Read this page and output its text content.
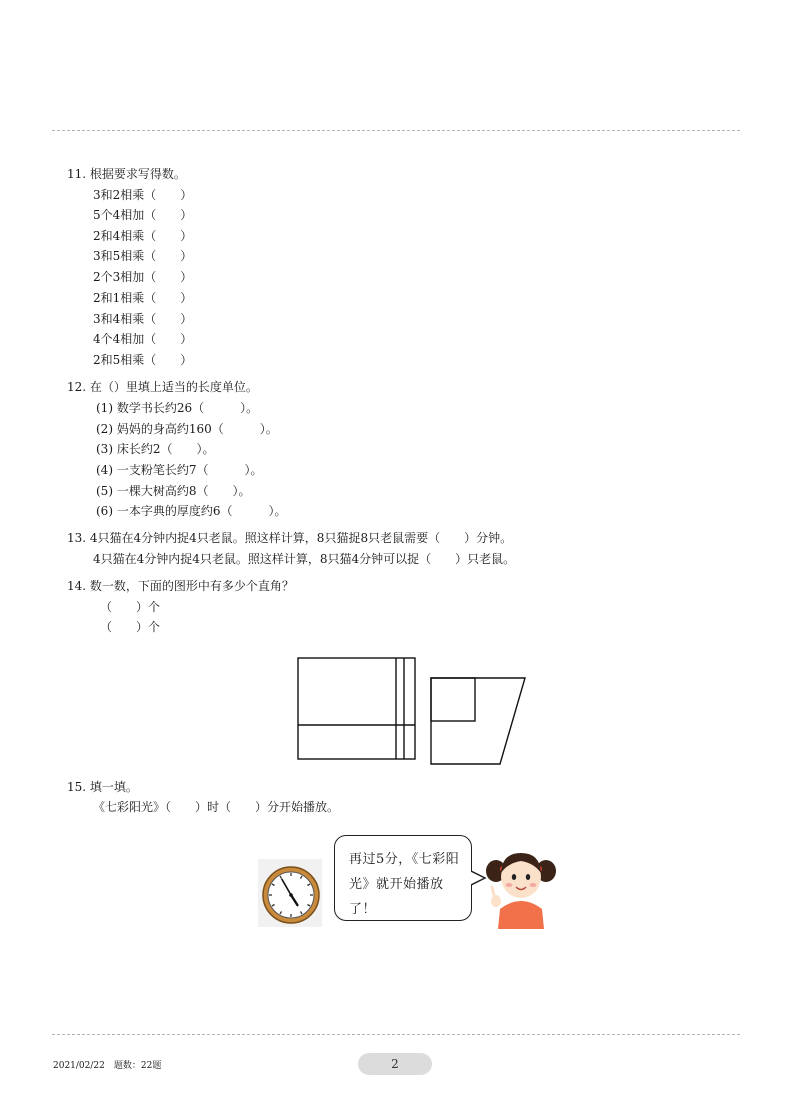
11. 根据要求写得数。
3和2相乘（　　）
5个4相加（　　）
2和4相乘（　　）
3和5相乘（　　）
2个3相加（　　）
2和1相乘（　　）
3和4相乘（　　）
4个4相加（　　）
2和5相乘（　　）
12. 在（）里填上适当的长度单位。
(1) 数学书长约26（　　　）。
(2) 妈妈的身高约160（　　　）。
(3) 床长约2（　　）。
(4) 一支粉笔长约7（　　　）。
(5) 一棵大树高约8（　　）。
(6) 一本字典的厚度约6（　　　）。
13. 4只猫在4分钟内捉4只老鼠。照这样计算，8只猫捉8只老鼠需要（　　）分钟。
4只猫在4分钟内捉4只老鼠。照这样计算，8只猫4分钟可以捉（　　）只老鼠。
14. 数一数，下面的图形中有多少个直角？
（　　）个
（　　）个
15. 填一填。
《七彩阳光》（　　）时（　　）分开始播放。
再过5分，《七彩阳光》就开始播放了！
2021/02/22　题数：22题	2
